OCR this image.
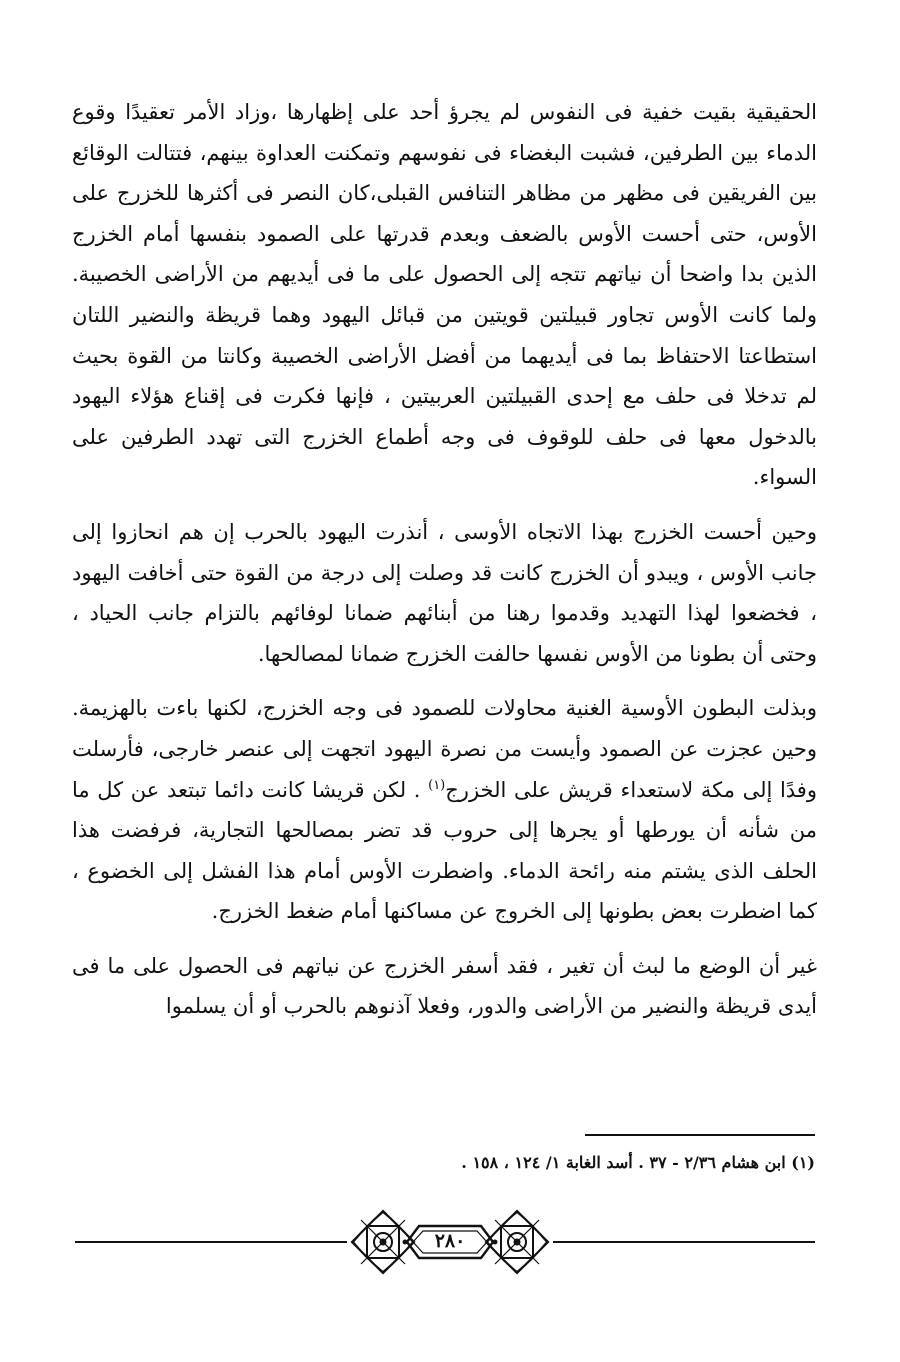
الحقيقية بقيت خفية فى النفوس لم يجرؤ أحد على إظهارها ،وزاد الأمر تعقيدًا وقوع الدماء بين الطرفين، فشبت البغضاء فى نفوسهم وتمكنت العداوة بينهم، فتتالت الوقائع بين الفريقين فى مظهر من مظاهر التنافس القبلى،كان النصر فى أكثرها للخزرج على الأوس، حتى أحست الأوس بالضعف وبعدم قدرتها على الصمود بنفسها أمام الخزرج الذين بدا واضحا أن نياتهم تتجه إلى الحصول على ما فى أيديهم من الأراضى الخصيبة. ولما كانت الأوس تجاور قبيلتين قويتين من قبائل اليهود وهما قريظة والنضير اللتان استطاعتا الاحتفاظ بما فى أيديهما من أفضل الأراضى الخصيبة وكانتا من القوة بحيث لم تدخلا فى حلف مع إحدى القبيلتين العربيتين ، فإنها فكرت فى إقناع هؤلاء اليهود بالدخول معها فى حلف للوقوف فى وجه أطماع الخزرج التى تهدد الطرفين على السواء.

وحين أحست الخزرج بهذا الاتجاه الأوسى ، أنذرت اليهود بالحرب إن هم انحازوا إلى جانب الأوس ، ويبدو أن الخزرج كانت قد وصلت إلى درجة من القوة حتى أخافت اليهود ، فخضعوا لهذا التهديد وقدموا رهنا من أبنائهم ضمانا لوفائهم بالتزام جانب الحياد ، وحتى أن بطونا من الأوس نفسها حالفت الخزرج ضمانا لمصالحها.

وبذلت البطون الأوسية الغنية محاولات للصمود فى وجه الخزرج، لكنها باءت بالهزيمة. وحين عجزت عن الصمود وأيست من نصرة اليهود اتجهت إلى عنصر خارجى، فأرسلت وفدًا إلى مكة لاستعداء قريش على الخزرج$^{(١)}$ . لكن قريشا كانت دائما تبتعد عن كل ما من شأنه أن يورطها أو يجرها إلى حروب قد تضر بمصالحها التجارية، فرفضت هذا الحلف الذى يشتم منه رائحة الدماء. واضطرت الأوس أمام هذا الفشل إلى الخضوع ، كما اضطرت بعض بطونها إلى الخروج عن مساكنها أمام ضغط الخزرج.

غير أن الوضع ما لبث أن تغير ، فقد أسفر الخزرج عن نياتهم فى الحصول على ما فى أيدى قريظة والنضير من الأراضى والدور، وفعلا آذنوهم بالحرب أو أن يسلموا

(١) ابن هشام ٢/٣٦ - ٣٧ . أسد الغابة ١/ ١٢٤ ، ١٥٨ .

٢٨٠
